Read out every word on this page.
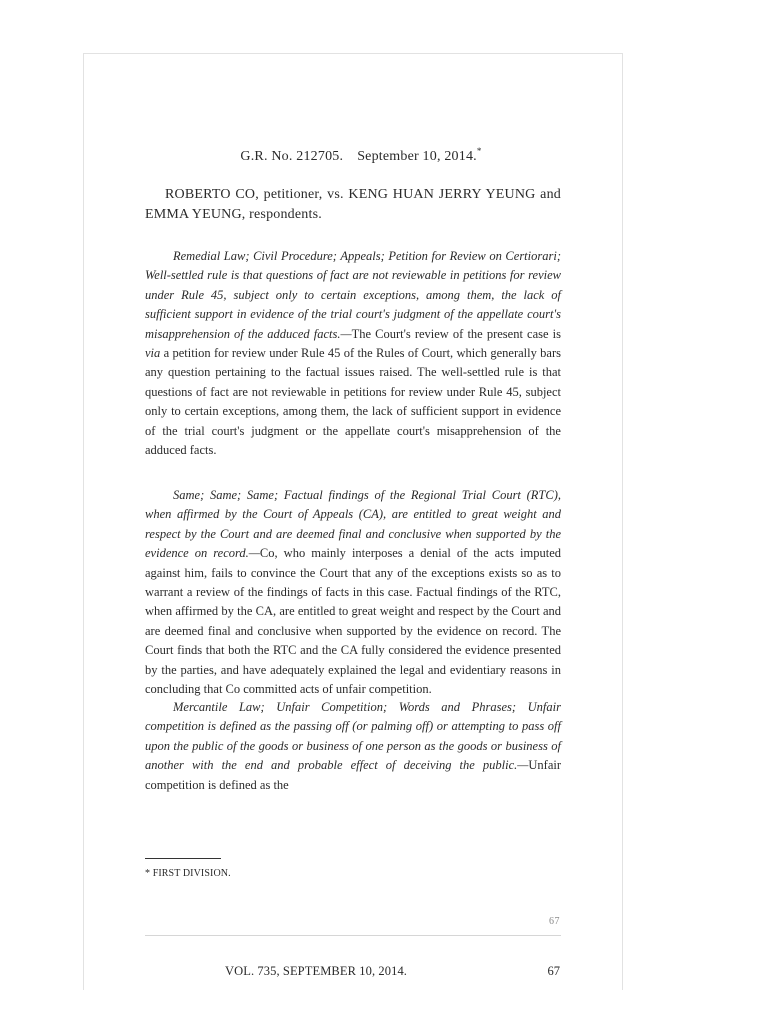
G.R. No. 212705. September 10, 2014.*
ROBERTO CO, petitioner, vs. KENG HUAN JERRY YEUNG and EMMA YEUNG, respondents.
Remedial Law; Civil Procedure; Appeals; Petition for Review on Certiorari; Well-settled rule is that questions of fact are not reviewable in petitions for review under Rule 45, subject only to certain exceptions, among them, the lack of sufficient support in evidence of the trial court's judgment of the appellate court's misapprehension of the adduced facts.—The Court's review of the present case is via a petition for review under Rule 45 of the Rules of Court, which generally bars any question pertaining to the factual issues raised. The well-settled rule is that questions of fact are not reviewable in petitions for review under Rule 45, subject only to certain exceptions, among them, the lack of sufficient support in evidence of the trial court's judgment or the appellate court's misapprehension of the adduced facts.
Same; Same; Same; Factual findings of the Regional Trial Court (RTC), when affirmed by the Court of Appeals (CA), are entitled to great weight and respect by the Court and are deemed final and conclusive when supported by the evidence on record.—Co, who mainly interposes a denial of the acts imputed against him, fails to convince the Court that any of the exceptions exists so as to warrant a review of the findings of facts in this case. Factual findings of the RTC, when affirmed by the CA, are entitled to great weight and respect by the Court and are deemed final and conclusive when supported by the evidence on record. The Court finds that both the RTC and the CA fully considered the evidence presented by the parties, and have adequately explained the legal and evidentiary reasons in concluding that Co committed acts of unfair competition.
Mercantile Law; Unfair Competition; Words and Phrases; Unfair competition is defined as the passing off (or palming off) or attempting to pass off upon the public of the goods or business of one person as the goods or business of another with the end and probable effect of deceiving the public.—Unfair competition is defined as the
* FIRST DIVISION.
67
VOL. 735, SEPTEMBER 10, 2014.	67
